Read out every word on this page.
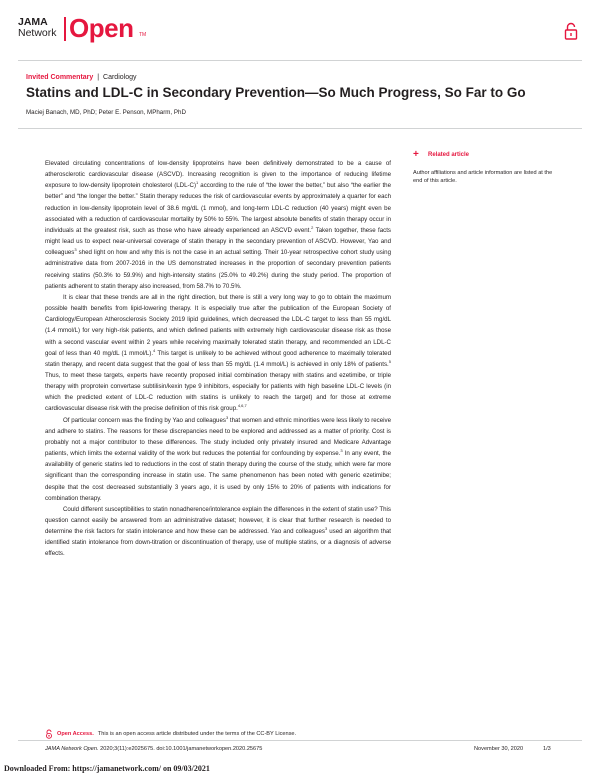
JAMA
Network Open TM
Invited Commentary | Cardiology
Statins and LDL-C in Secondary Prevention—So Much Progress, So Far to Go
Maciej Banach, MD, PhD; Peter E. Penson, MPharm, PhD

Elevated circulating concentrations of low-density lipoproteins have been definitively demonstrated to be a cause of atherosclerotic cardiovascular disease (ASCVD). Increasing recognition is given to the importance of reducing lifetime exposure to low-density lipoprotein cholesterol $(LDL-C)^1$ according to the rule of “the lower the better,” but also “the earlier the better” and “the longer the better.” Statin therapy reduces the risk of cardiovascular events by approximately a quarter for each reduction in low-density lipoprotein level of 38.6 mg/dL (1 mmol), and long-term LDL-C reduction (40 years) might even be associated with a reduction of cardiovascular mortality by 50% to 55%. The largest absolute benefits of statin therapy occur in individuals at the greatest risk, such as those who have already experienced an ASCVD event.$^2$ Taken together, these facts might lead us to expect near-universal coverage of statin therapy in the secondary prevention of ASCVD. However, Yao and colleagues$^3$ shed light on how and why this is not the case in an actual setting. Their 10-year retrospective cohort study using administrative data from 2007-2016 in the US demonstrated increases in the proportion of secondary prevention patients receiving statins (50.3% to 59.9%) and high-intensity statins (25.0% to 49.2%) during the study period. The proportion of patients adherent to statin therapy also increased, from 58.7% to 70.5%.

It is clear that these trends are all in the right direction, but there is still a very long way to go to obtain the maximum possible health benefits from lipid-lowering therapy. It is especially true after the publication of the European Society of Cardiology/European Atherosclerosis Society 2019 lipid guidelines, which decreased the LDL-C target to less than 55 mg/dL (1.4 mmol/L) for very high-risk patients, and which defined patients with extremely high cardiovascular disease risk as those with a second vascular event within 2 years while receiving maximally tolerated statin therapy, and recommended an LDL-C goal of less than 40 mg/dL (1 mmol/L).$^4$ This target is unlikely to be achieved without good adherence to maximally tolerated statin therapy, and recent data suggest that the goal of less than 55 mg/dL (1.4 mmol/L) is achieved in only 18% of patients.$^5$ Thus, to meet these targets, experts have recently proposed initial combination therapy with statins and ezetimibe, or triple therapy with proprotein convertase subtilisin/kexin type 9 inhibitors, especially for patients with high baseline LDL-C levels (in which the predicted extent of LDL-C reduction with statins is unlikely to reach the target) and for those at extreme cardiovascular disease risk with the precise definition of this risk group.$^{4,6,7}$

Of particular concern was the finding by Yao and colleagues$^3$ that women and ethnic minorities were less likely to receive and adhere to statins. The reasons for these discrepancies need to be explored and addressed as a matter of priority. Cost is probably not a major contributor to these differences. The study included only privately insured and Medicare Advantage patients, which limits the external validity of the work but reduces the potential for confounding by expense.$^3$ In any event, the availability of generic statins led to reductions in the cost of statin therapy during the course of the study, which were far more significant than the corresponding increase in statin use. The same phenomenon has been noted with generic ezetimibe; despite that the cost decreased substantially 3 years ago, it is used by only 15% to 20% of patients with indications for combination therapy.

Could different susceptibilities to statin nonadherence/intolerance explain the differences in the extent of statin use? This question cannot easily be answered from an administrative dataset; however, it is clear that further research is needed to determine the risk factors for statin intolerance and how these can be addressed. Yao and colleagues$^3$ used an algorithm that identified statin intolerance from down-titration or discontinuation of therapy, use of multiple statins, or a diagnosis of adverse effects.

+	Related article
Author affiliations and article information are listed at the end of this article.
Open Access. This is an open access article distributed under the terms of the CC-BY License.
JAMA Network Open. 2020;3(11):e2025675. doi:10.1001/jamanetworkopen.2020.25675	November 30, 2020	1/3
Downloaded From: https://jamanetwork.com/ on 09/03/2021
